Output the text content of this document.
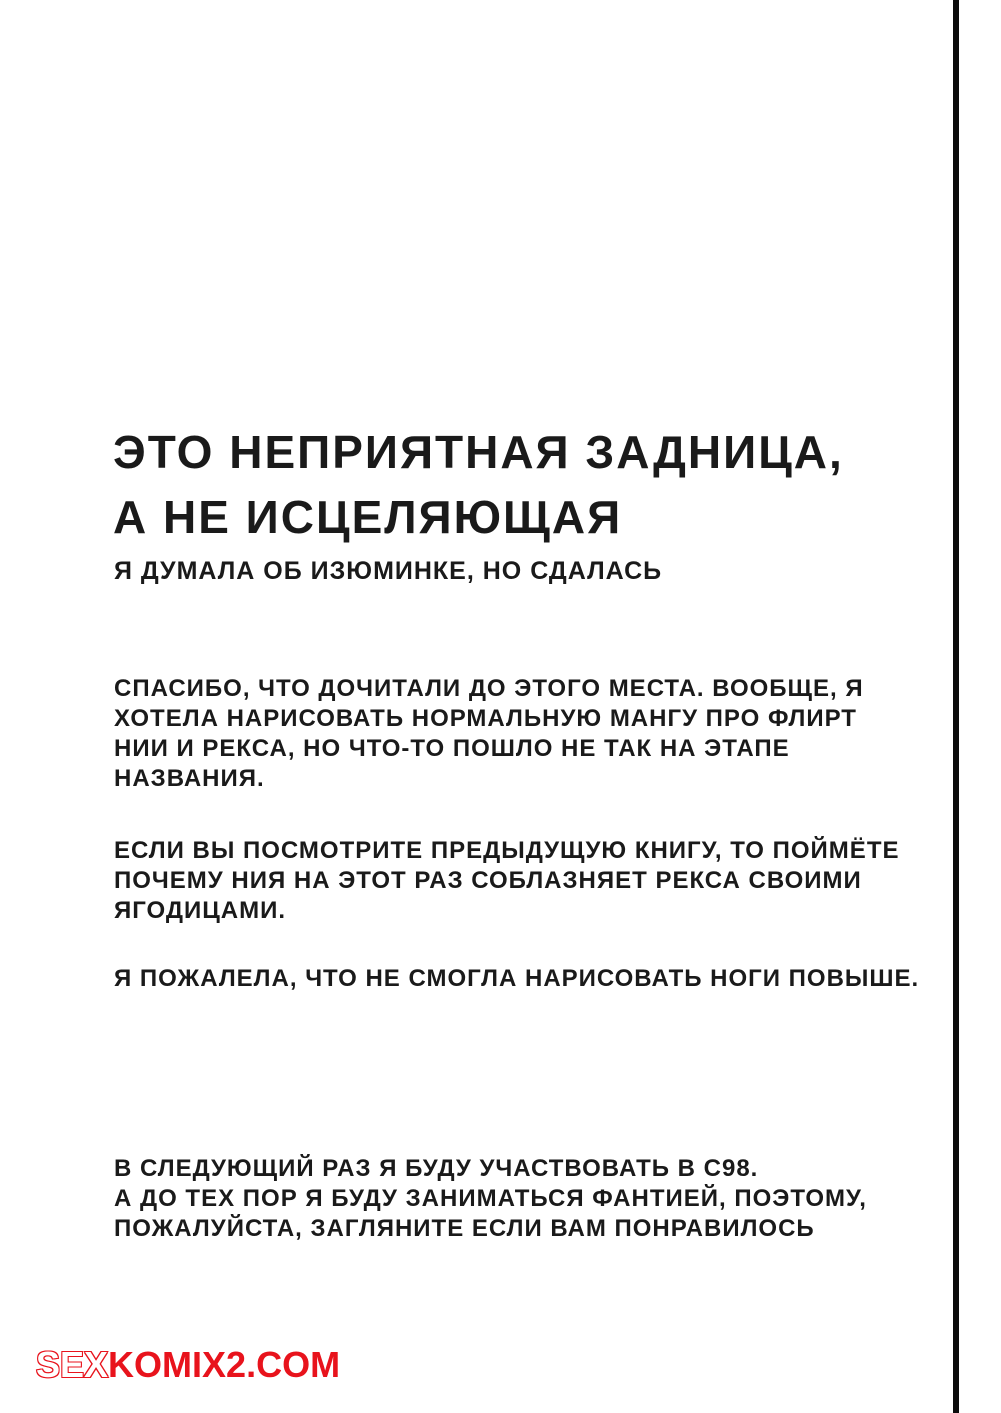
ЭТО НЕПРИЯТНАЯ ЗАДНИЦА,
А НЕ ИСЦЕЛЯЮЩАЯ
Я ДУМАЛА ОБ ИЗЮМИНКЕ, НО СДАЛАСЬ
СПАСИБО, ЧТО ДОЧИТАЛИ ДО ЭТОГО МЕСТА. ВООБЩЕ, Я
ХОТЕЛА НАРИСОВАТЬ НОРМАЛЬНУЮ МАНГУ ПРО ФЛИРТ
НИИ И РЕКСА, НО ЧТО-ТО ПОШЛО НЕ ТАК НА ЭТАПЕ
НАЗВАНИЯ.
ЕСЛИ ВЫ ПОСМОТРИТЕ ПРЕДЫДУЩУЮ КНИГУ, ТО ПОЙМЁТЕ
ПОЧЕМУ НИЯ НА ЭТОТ РАЗ СОБЛАЗНЯЕТ РЕКСА СВОИМИ
ЯГОДИЦАМИ.
Я ПОЖАЛЕЛА, ЧТО НЕ СМОГЛА НАРИСОВАТЬ НОГИ ПОВЫШЕ.
В СЛЕДУЮЩИЙ РАЗ Я БУДУ УЧАСТВОВАТЬ В С98.
А ДО ТЕХ ПОР Я БУДУ ЗАНИМАТЬСЯ ФАНТИЕЙ, ПОЭТОМУ,
ПОЖАЛУЙСТА, ЗАГЛЯНИТЕ ЕСЛИ ВАМ ПОНРАВИЛОСЬ
SEXKOMIX2.COM
